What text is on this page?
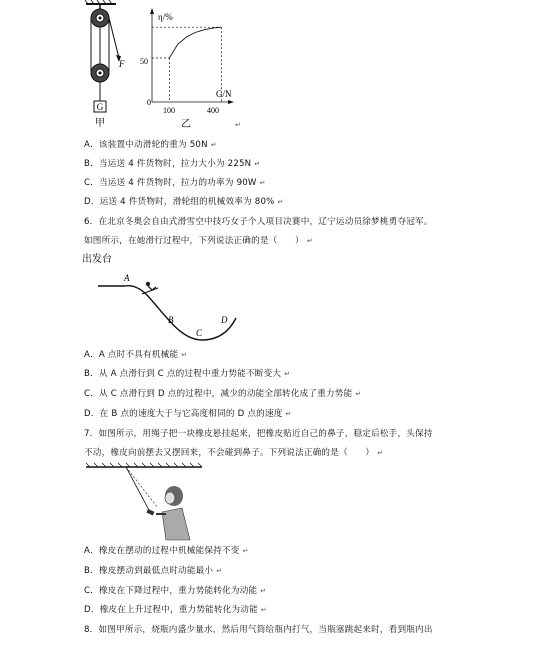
G
F
甲
η/%
G/N
0
100	400
50
乙	↵
A．该装置中动滑轮的重为 50N ↵
B．当运送 4 件货物时，拉力大小为 225N ↵
C．当运送 4 件货物时，拉力的功率为 90W ↵
D．运送 4 件货物时，滑轮组的机械效率为 80% ↵
6．在北京冬奥会自由式滑雪空中技巧女子个人项目决赛中，辽宁运动员徐梦桃勇夺冠军。
如图所示，在她滑行过程中，下列说法正确的是（　　） ↵
出发台
A
B
C
D
A．A 点时不具有机械能 ↵
B．从 A 点滑行到 C 点的过程中重力势能不断变大 ↵
C．从 C 点滑行到 D 点的过程中，减少的动能全部转化成了重力势能 ↵
D．在 B 点的速度大于与它高度相同的 D 点的速度 ↵
7．如图所示，用绳子把一块橡皮悬挂起来，把橡皮贴近自己的鼻子，稳定后松手，头保持
不动，橡皮向前摆去又摆回来，不会碰到鼻子。下列说法正确的是（　　） ↵
A．橡皮在摆动的过程中机械能保持不变 ↵
B．橡皮摆动到最低点时动能最小 ↵
C．橡皮在下降过程中，重力势能转化为动能 ↵
D．橡皮在上升过程中，重力势能转化为动能 ↵
8．如图甲所示，烧瓶内盛少量水，然后用气筒给瓶内打气，当瓶塞跳起来时，看到瓶内出
